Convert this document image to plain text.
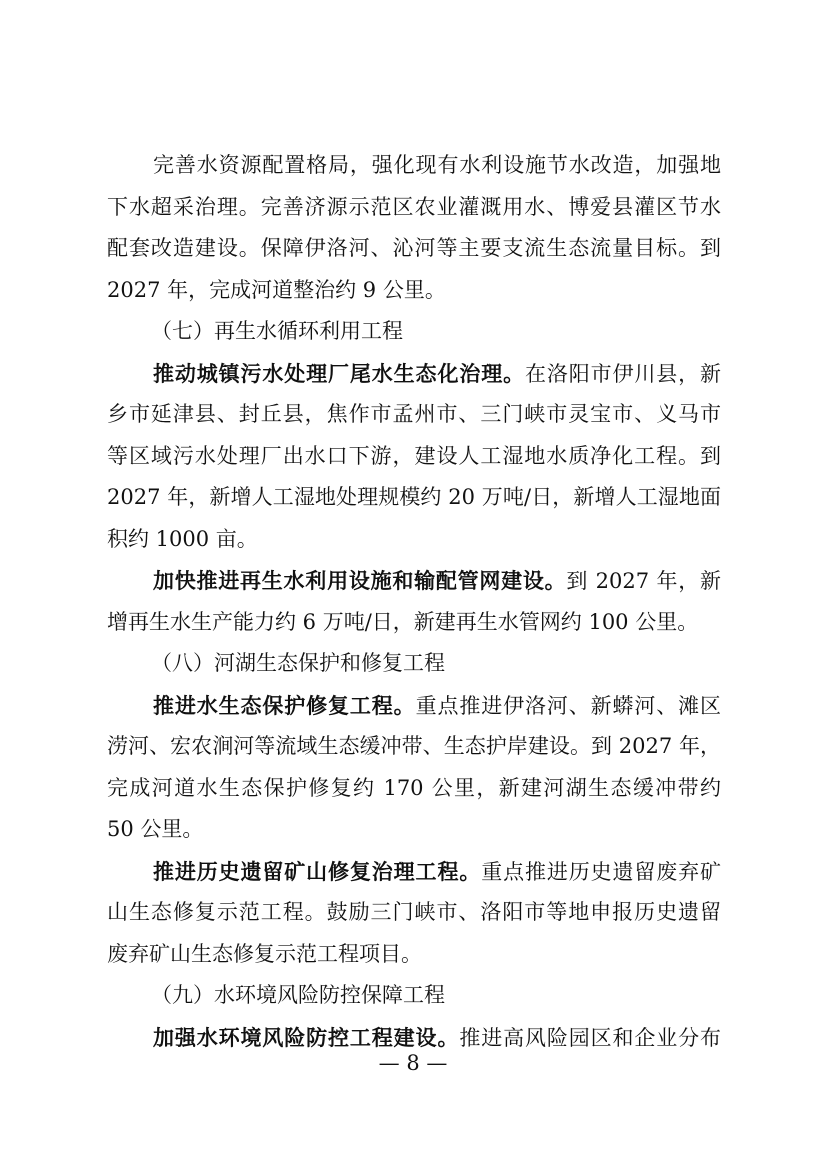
完善水资源配置格局，强化现有水利设施节水改造，加强地
下水超采治理。完善济源示范区农业灌溉用水、博爱县灌区节水
配套改造建设。保障伊洛河、沁河等主要支流生态流量目标。到
2027 年，完成河道整治约 9 公里。
（七）再生水循环利用工程
推动城镇污水处理厂尾水生态化治理。在洛阳市伊川县，新
乡市延津县、封丘县，焦作市孟州市、三门峡市灵宝市、义马市
等区域污水处理厂出水口下游，建设人工湿地水质净化工程。到
2027 年，新增人工湿地处理规模约 20 万吨/日，新增人工湿地面
积约 1000 亩。
加快推进再生水利用设施和输配管网建设。到 2027 年，新
增再生水生产能力约 6 万吨/日，新建再生水管网约 100 公里。
（八）河湖生态保护和修复工程
推进水生态保护修复工程。重点推进伊洛河、新蟒河、滩区
涝河、宏农涧河等流域生态缓冲带、生态护岸建设。到 2027 年，
完成河道水生态保护修复约 170 公里，新建河湖生态缓冲带约
50 公里。
推进历史遗留矿山修复治理工程。重点推进历史遗留废弃矿
山生态修复示范工程。鼓励三门峡市、洛阳市等地申报历史遗留
废弃矿山生态修复示范工程项目。
（九）水环境风险防控保障工程
加强水环境风险防控工程建设。推进高风险园区和企业分布
— 8 —
